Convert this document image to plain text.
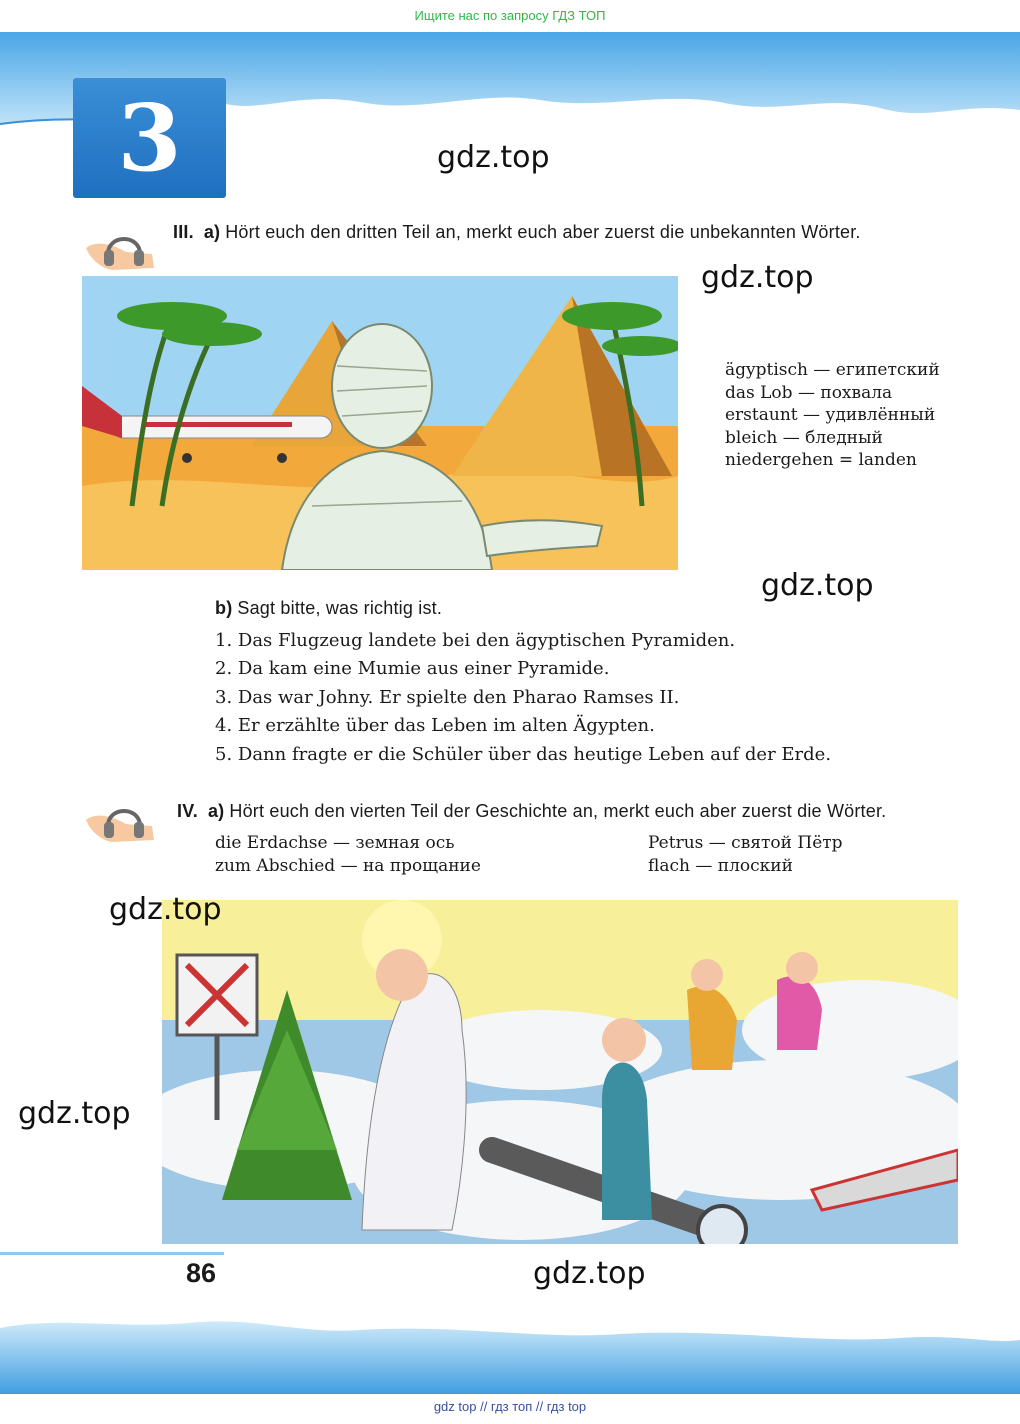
Ищите нас по запросу ГДЗ ТОП
3	gdz.top
III. a) Hört euch den dritten Teil an, merkt euch aber zuerst die unbekannten Wörter.
gdz.top
ägyptisch — египетский
das Lob — похвала
erstaunt — удивлённый
bleich — бледный
niedergehen = landen
gdz.top
b) Sagt bitte, was richtig ist.
1. Das Flugzeug landete bei den ägyptischen Pyramiden.
2. Da kam eine Mumie aus einer Pyramide.
3. Das war Johny. Er spielte den Pharao Ramses II.
4. Er erzählte über das Leben im alten Ägypten.
5. Dann fragte er die Schüler über das heutige Leben auf der Erde.
IV. a) Hört euch den vierten Teil der Geschichte an, merkt euch aber zuerst die Wörter.
die Erdachse — земная ось
zum Abschied — на прощание
Petrus — святой Пётр
flach — плоский
gdz.top
gdz.top
86	gdz.top
gdz top // гдз топ // гдз top
